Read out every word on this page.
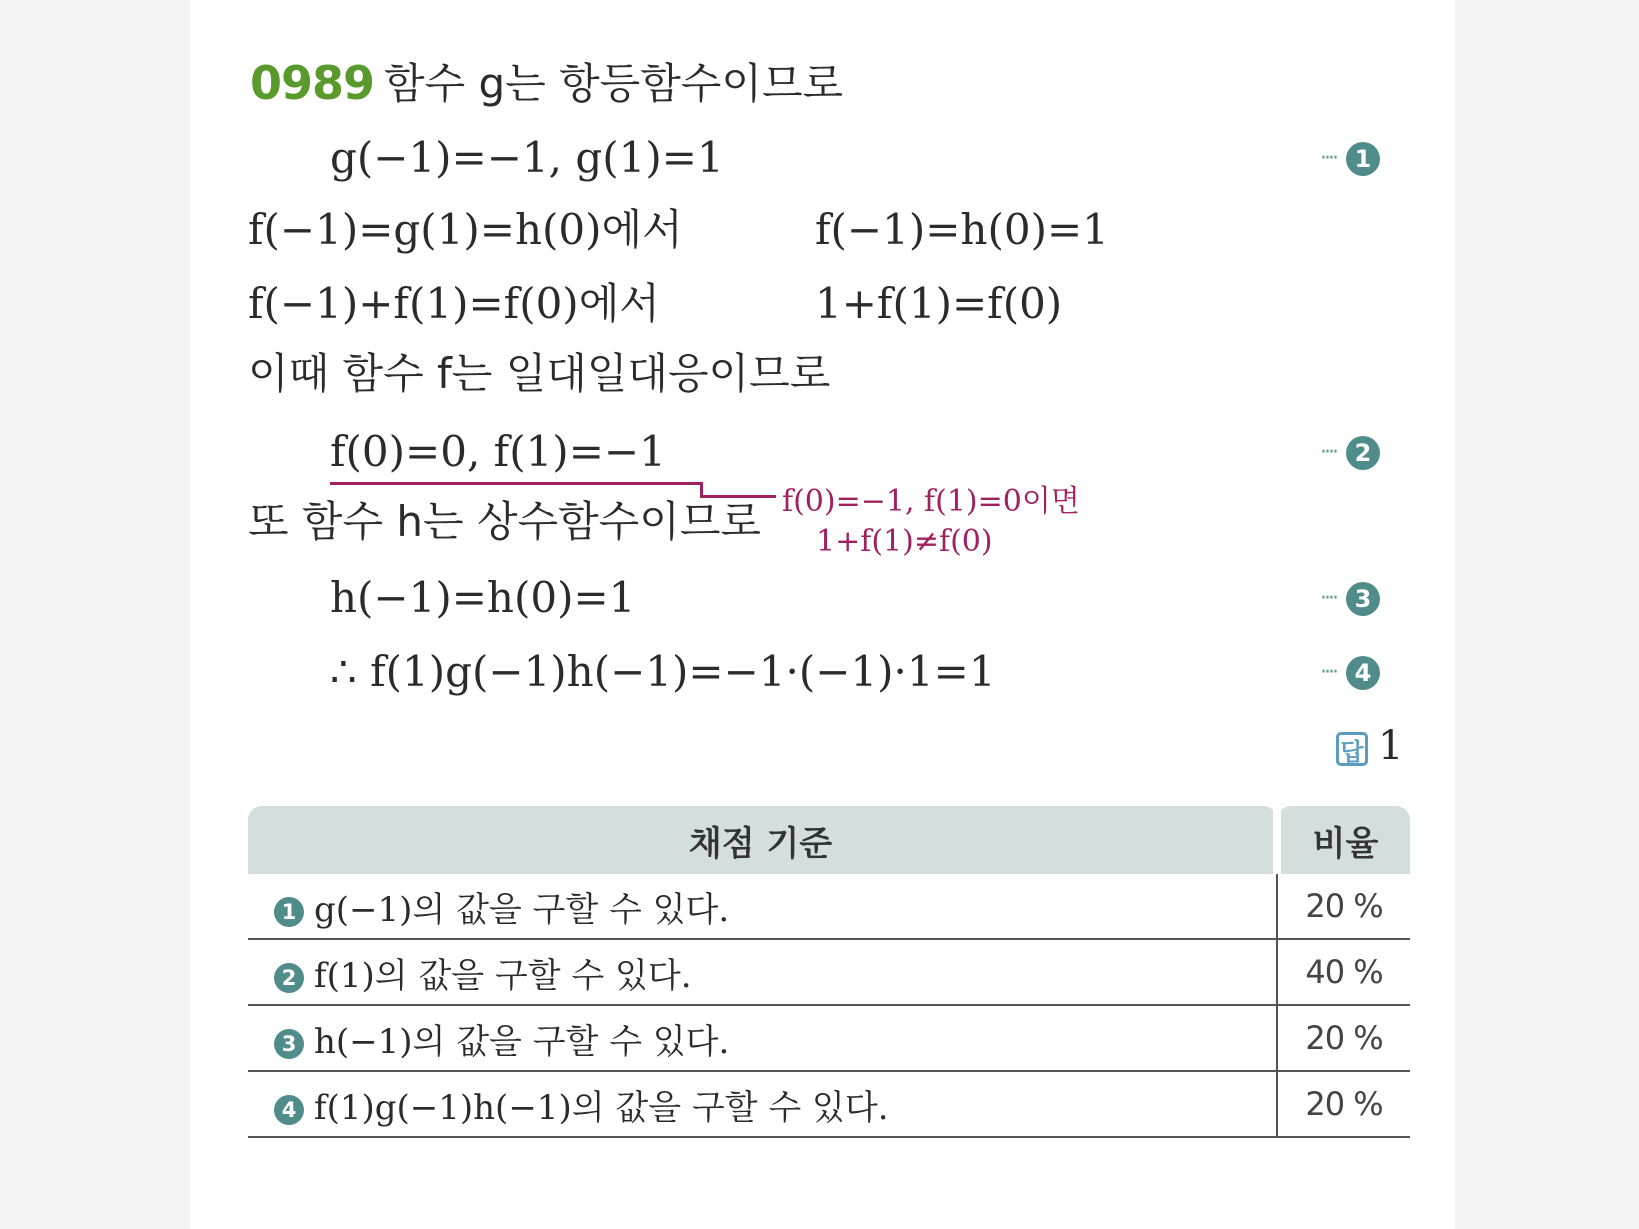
0989 함수 g는 항등함수이므로
g(−1)=−1, g(1)=1	···· 1
f(−1)=g(1)=h(0)에서	f(−1)=h(0)=1
f(−1)+f(1)=f(0)에서	1+f(1)=f(0)
이때 함수 f는 일대일대응이므로
f(0)=0, f(1)=−1	···· 2
f(0)=−1, f(1)=0이면
1+f(1)≠f(0)
또 함수 h는 상수함수이므로
h(−1)=h(0)=1	···· 3
∴ f(1)g(−1)h(−1)=−1·(−1)·1=1	···· 4
답 1
채점 기준	비율
1 g(−1)의 값을 구할 수 있다.	20 %
2 f(1)의 값을 구할 수 있다.	40 %
3 h(−1)의 값을 구할 수 있다.	20 %
4 f(1)g(−1)h(−1)의 값을 구할 수 있다.	20 %
